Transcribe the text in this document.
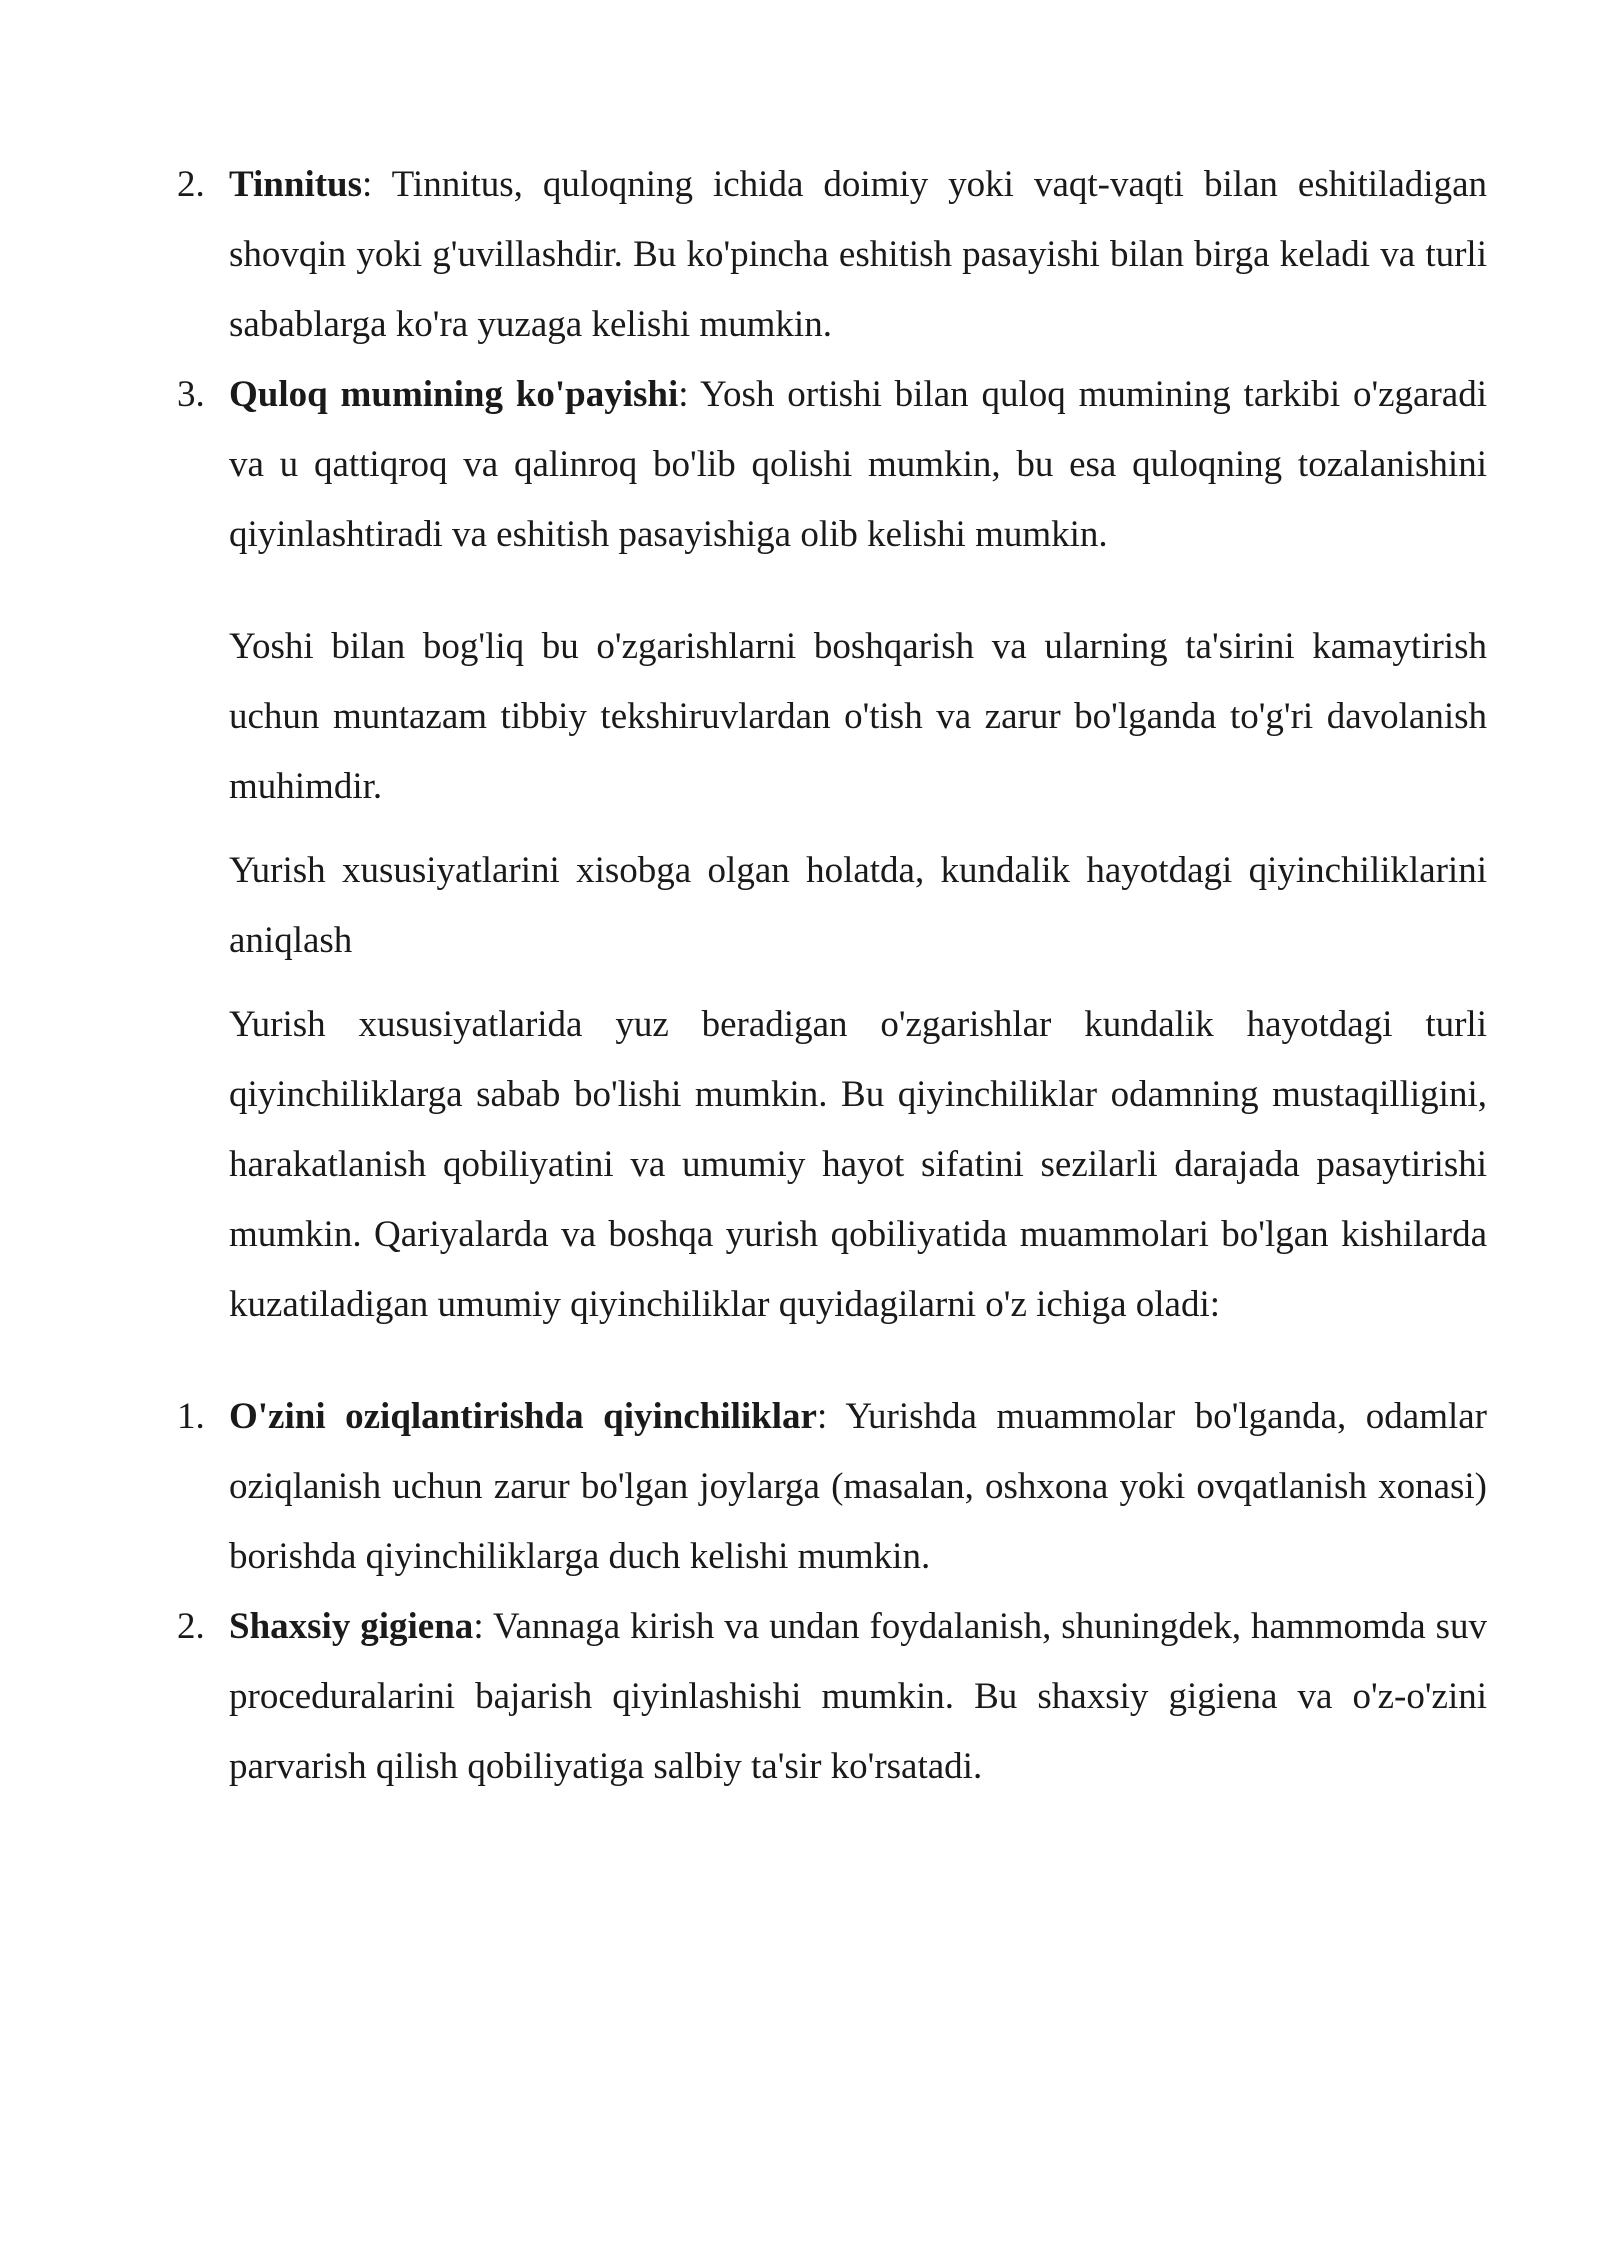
2. Tinnitus: Tinnitus, quloqning ichida doimiy yoki vaqt-vaqti bilan eshitiladigan shovqin yoki g'uvillashdir. Bu ko'pincha eshitish pasayishi bilan birga keladi va turli sabablarga ko'ra yuzaga kelishi mumkin.
3. Quloq mumining ko'payishi: Yosh ortishi bilan quloq mumining tarkibi o'zgaradi va u qattiqroq va qalinroq bo'lib qolishi mumkin, bu esa quloqning tozalanishini qiyinlashtiradi va eshitish pasayishiga olib kelishi mumkin.
Yoshi bilan bog'liq bu o'zgarishlarni boshqarish va ularning ta'sirini kamaytirish uchun muntazam tibbiy tekshiruvlardan o'tish va zarur bo'lganda to'g'ri davolanish muhimdir.
Yurish xususiyatlarini xisobga olgan holatda, kundalik hayotdagi qiyinchiliklarini aniqlash
Yurish xususiyatlarida yuz beradigan o'zgarishlar kundalik hayotdagi turli qiyinchiliklarga sabab bo'lishi mumkin. Bu qiyinchiliklar odamning mustaqilligini, harakatlanish qobiliyatini va umumiy hayot sifatini sezilarli darajada pasaytirishi mumkin. Qariyalarda va boshqa yurish qobiliyatida muammolari bo'lgan kishilarda kuzatiladigan umumiy qiyinchiliklar quyidagilarni o'z ichiga oladi:
1. O'zini oziqlantirishda qiyinchiliklar: Yurishda muammolar bo'lganda, odamlar oziqlanish uchun zarur bo'lgan joylarga (masalan, oshxona yoki ovqatlanish xonasi) borishda qiyinchiliklarga duch kelishi mumkin.
2. Shaxsiy gigiena: Vannaga kirish va undan foydalanish, shuningdek, hammomda suv proceduralarini bajarish qiyinlashishi mumkin. Bu shaxsiy gigiena va o'z-o'zini parvarish qilish qobiliyatiga salbiy ta'sir ko'rsatadi.
